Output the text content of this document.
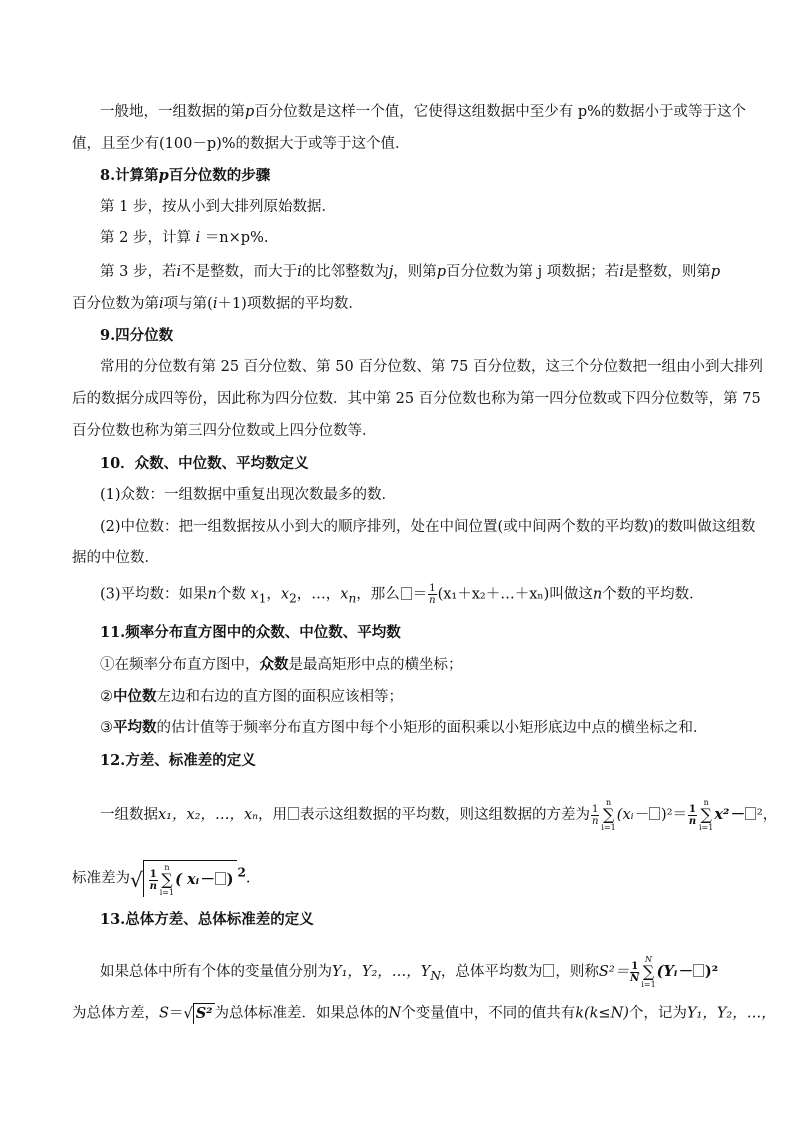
一般地，一组数据的第p百分位数是这样一个值，它使得这组数据中至少有 p%的数据小于或等于这个
值，且至少有(100－p)%的数据大于或等于这个值．
8.计算第p百分位数的步骤
第 1 步，按从小到大排列原始数据．
第 2 步，计算 i ＝n×p%.
第 3 步，若i不是整数，而大于i的比邻整数为j，则第p百分位数为第 j 项数据；若i是整数，则第p
百分位数为第i项与第(i＋1)项数据的平均数．
9.四分位数
常用的分位数有第 25 百分位数、第 50 百分位数、第 75 百分位数，这三个分位数把一组由小到大排列
后的数据分成四等份，因此称为四分位数．其中第 25 百分位数也称为第一四分位数或下四分位数等，第 75
百分位数也称为第三四分位数或上四分位数等．
10．众数、中位数、平均数定义
(1)众数：一组数据中重复出现次数最多的数．
(2)中位数：把一组数据按从小到大的顺序排列，处在中间位置(或中间两个数的平均数)的数叫做这组数
据的中位数．
(3)平均数：如果n个数 $x_1$，$x_2$，…，$x_n$，那么 ＝ $\frac{1}{n}$ (x₁＋x₂＋…＋xₙ)叫做这n个数的平均数．
11.频率分布直方图中的众数、中位数、平均数
①在频率分布直方图中，众数是最高矩形中点的横坐标；
②中位数左边和右边的直方图的面积应该相等；
③平均数的估计值等于频率分布直方图中每个小矩形的面积乘以小矩形底边中点的横坐标之和．
12.方差、标准差的定义
一组数据x₁，x₂，…，xₙ，用 表示这组数据的平均数，则这组数据的方差为 $\frac{1}{n}$
n
∑
i=1(xᵢ－ )$^2= \frac{1}{n}$
n
∑
i=1x²－ ²，
标准差为√ $\frac{1}{n}$
n
∑
i=1( xᵢ－ ) $^2$.
13.总体方差、总体标准差的定义
如果总体中所有个体的变量值分别为Y₁，Y₂，…，$Y_N$，总体平均数为 ，则称$S^2= \frac{1}{N}$
N
∑
i=1(Yᵢ－ )²
为总体方差，S＝√ S² 为总体标准差．如果总体的N个变量值中，不同的值共有k(k≤N)个，记为Y₁，Y₂，…，
